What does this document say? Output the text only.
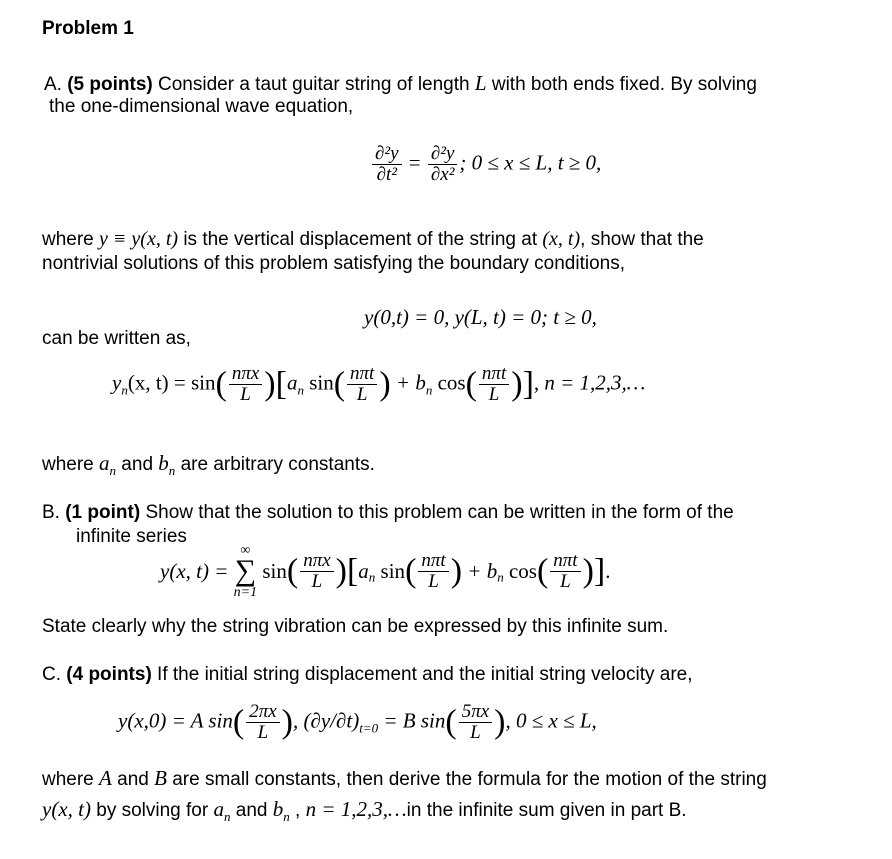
Problem 1
A. (5 points) Consider a taut guitar string of length L with both ends fixed. By solving
the one-dimensional wave equation,
$\frac{\text{∂²y}}{\text{∂t²}} = \frac{\text{∂²y}}{\text{∂x²}}$ ; 0 ≤ x ≤ L, t ≥ 0,
where y ≡ y(x, t) is the vertical displacement of the string at (x, t), show that the
nontrivial solutions of this problem satisfying the boundary conditions,
y(0,t) = 0, y(L, t) = 0; t ≥ 0,
can be written as,
$y_n(x$, $t) = \sin( \frac{\text{nπx}}{L} )[a_n$ $\sin( \frac{\text{nπt}}{L}$ ) + $b_n$ $\cos( \frac{\text{nπt}}{L}$ )], n = 1,2,3,…
where $a_n$ and $b_n$ are arbitrary constants.
B. (1 point) Show that the solution to this problem can be written in the form of the
infinite series
y(x, t) =
∞
∑
n=1
$\sin( \frac{\text{nπx}}{L} )[a_n$ $\sin( \frac{\text{nπt}}{L}$ ) + $b_n$ $\cos( \frac{\text{nπt}}{L}$ )].
State clearly why the string vibration can be expressed by this infinite sum.
C. (4 points) If the initial string displacement and the initial string velocity are,
y(x,0) = A $\sin( \frac{2\pi x}{L}$ ), $(\partial y/\partial t)_{t=0} = B$ $\sin( \frac{5\pi x}{L}$ ), 0 ≤ x ≤ L,
where A and B are small constants, then derive the formula for the motion of the string
y(x, t) by solving for $a_n$ and $b_n$ , n = 1,2,3,…in the infinite sum given in part B.
